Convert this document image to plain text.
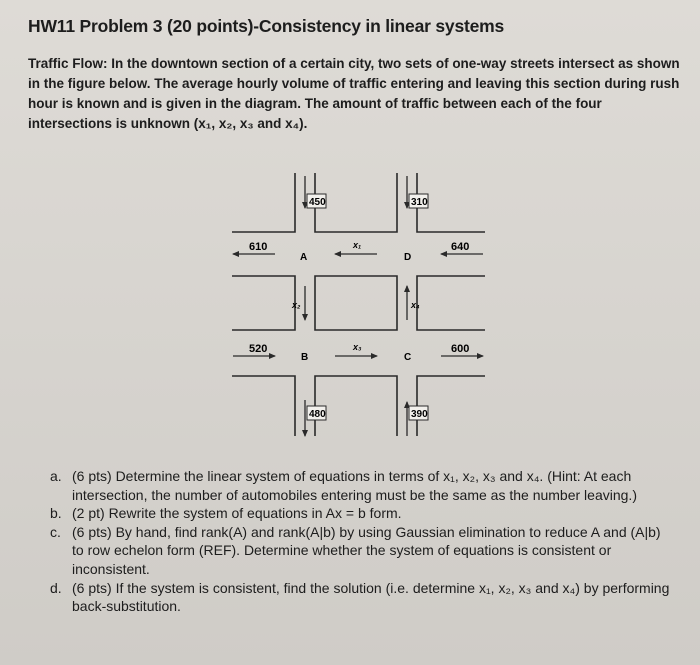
HW11 Problem 3 (20 points)-Consistency in linear systems
Traffic Flow: In the downtown section of a certain city, two sets of one-way streets intersect as shown in the figure below. The average hourly volume of traffic entering and leaving this section during rush hour is known and is given in the diagram. The amount of traffic between each of the four intersections is unknown (x₁, x₂, x₃ and x₄).
450	310
480	390
610	640
520	600
A	D
B	C
x₁
x₂
x₃
x₄
a. (6 pts) Determine the linear system of equations in terms of x₁, x₂, x₃ and x₄. (Hint: At each intersection, the number of automobiles entering must be the same as the number leaving.)
b. (2 pt) Rewrite the system of equations in Ax = b form.
c. (6 pts) By hand, find rank(A) and rank(A|b) by using Gaussian elimination to reduce A and (A|b) to row echelon form (REF). Determine whether the system of equations is consistent or inconsistent.
d. (6 pts) If the system is consistent, find the solution (i.e. determine x₁, x₂, x₃ and x₄) by performing back-substitution.
